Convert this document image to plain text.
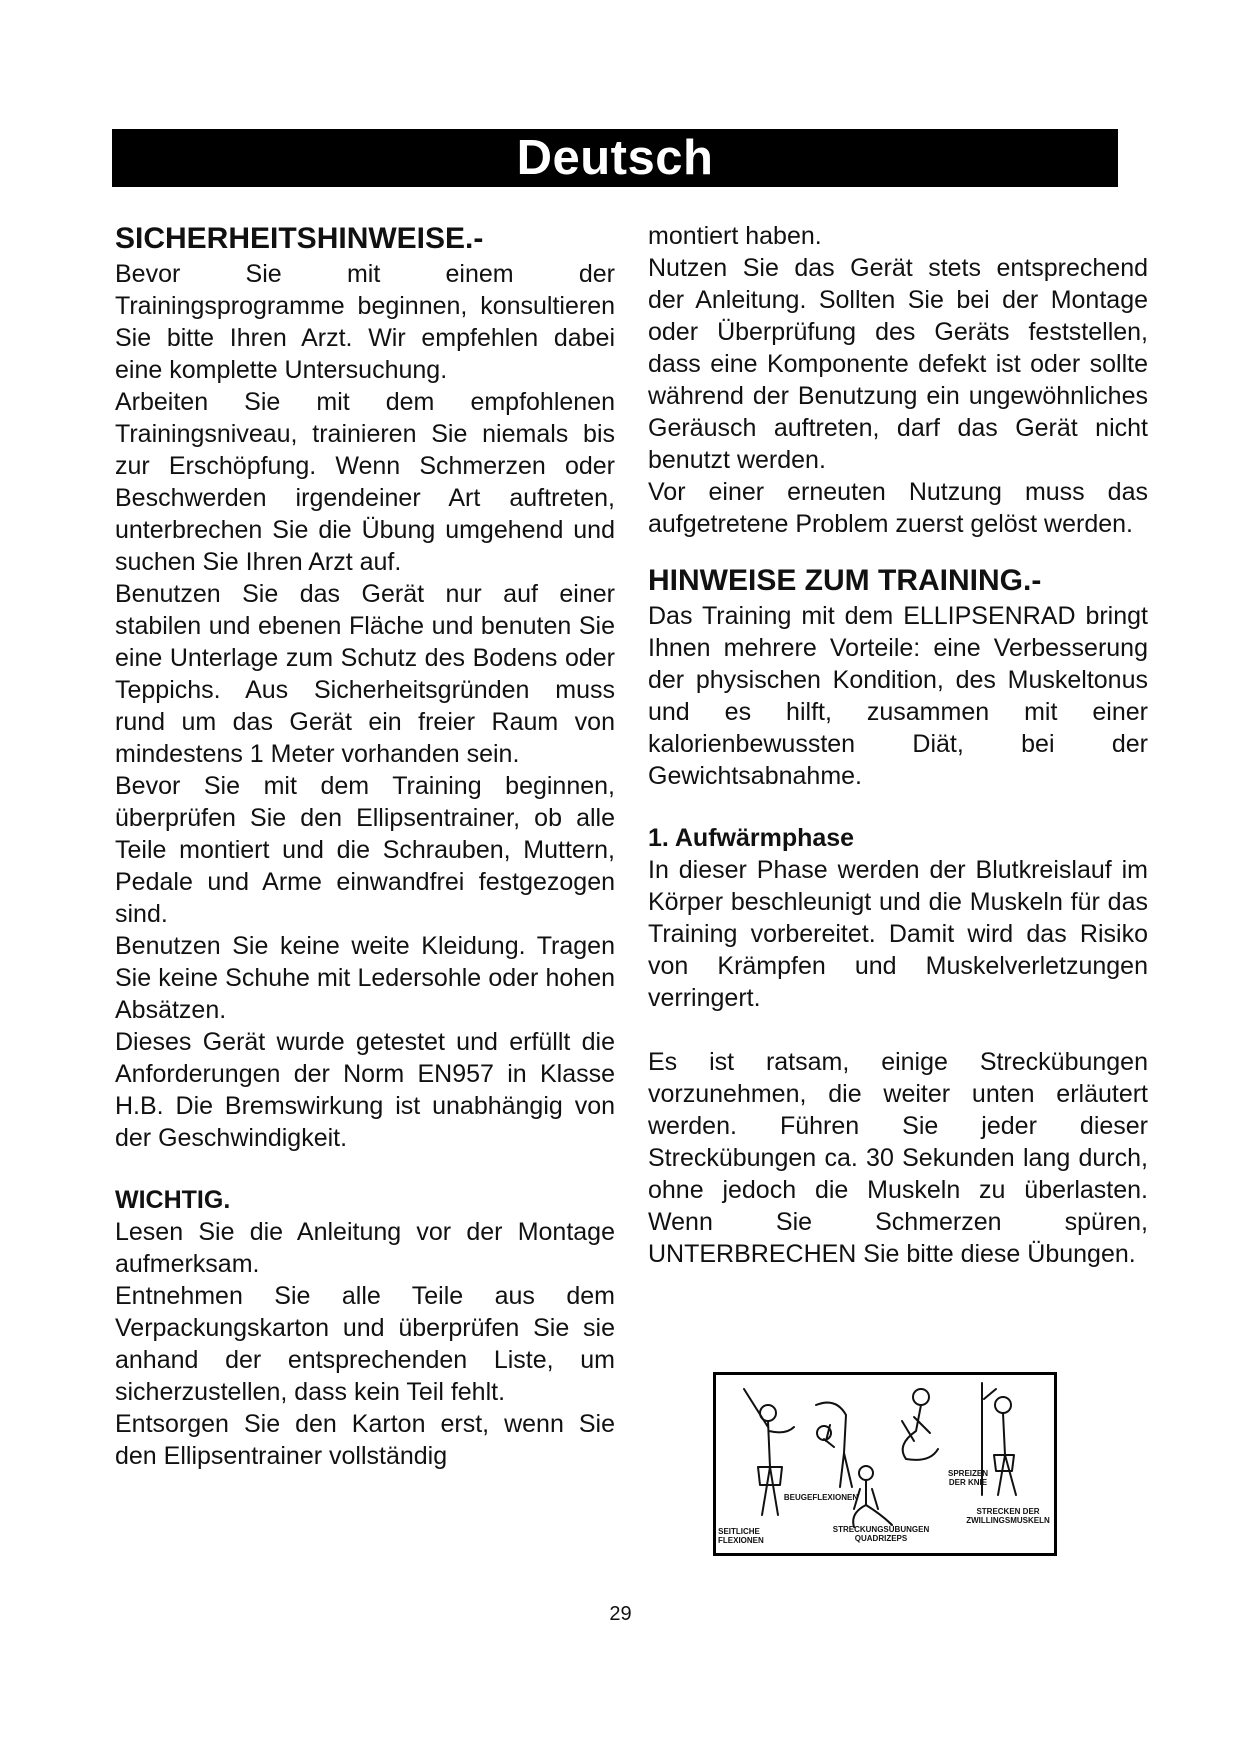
Deutsch

SICHERHEITSHINWEISE.-

Bevor Sie mit einem der Trainingsprogramme beginnen, konsultieren Sie bitte Ihren Arzt. Wir empfehlen dabei eine komplette Untersuchung.

Arbeiten Sie mit dem empfohlenen Trainingsniveau, trainieren Sie niemals bis zur Erschöpfung. Wenn Schmerzen oder Beschwerden irgendeiner Art auftreten, unterbrechen Sie die Übung umgehend und suchen Sie Ihren Arzt auf.

Benutzen Sie das Gerät nur auf einer stabilen und ebenen Fläche und benuten Sie eine Unterlage zum Schutz des Bodens oder Teppichs. Aus Sicherheitsgründen muss rund um das Gerät ein freier Raum von mindestens 1 Meter vorhanden sein.

Bevor Sie mit dem Training beginnen, überprüfen Sie den Ellipsentrainer, ob alle Teile montiert und die Schrauben, Muttern, Pedale und Arme einwandfrei festgezogen sind.

Benutzen Sie keine weite Kleidung. Tragen Sie keine Schuhe mit Ledersohle oder hohen Absätzen.

Dieses Gerät wurde getestet und erfüllt die Anforderungen der Norm EN957 in Klasse H.B. Die Bremswirkung ist unabhängig von der Geschwindigkeit.

WICHTIG.

Lesen Sie die Anleitung vor der Montage aufmerksam.

Entnehmen Sie alle Teile aus dem Verpackungskarton und überprüfen Sie sie anhand der entsprechenden Liste, um sicherzustellen, dass kein Teil fehlt.

Entsorgen Sie den Karton erst, wenn Sie den Ellipsentrainer vollständig

montiert haben.

Nutzen Sie das Gerät stets entsprechend der Anleitung. Sollten Sie bei der Montage oder Überprüfung des Geräts feststellen, dass eine Komponente defekt ist oder sollte während der Benutzung ein ungewöhnliches Geräusch auftreten, darf das Gerät nicht benutzt werden.

Vor einer erneuten Nutzung muss das aufgetretene Problem zuerst gelöst werden.

HINWEISE ZUM TRAINING.-

Das Training mit dem ELLIPSENRAD bringt Ihnen mehrere Vorteile: eine Verbesserung der physischen Kondition, des Muskeltonus und es hilft, zusammen mit einer kalorienbewussten Diät, bei der Gewichtsabnahme.

1. Aufwärmphase

In dieser Phase werden der Blutkreislauf im Körper beschleunigt und die Muskeln für das Training vorbereitet. Damit wird das Risiko von Krämpfen und Muskelverletzungen verringert.

Es ist ratsam, einige Streckübungen vorzunehmen, die weiter unten erläutert werden. Führen Sie jeder dieser Streckübungen ca. 30 Sekunden lang durch, ohne jedoch die Muskeln zu überlasten. Wenn Sie Schmerzen spüren, UNTERBRECHEN Sie bitte diese Übungen.

BEUGEFLEXIONEN
SPREIZEN DER KNIE
STRECKEN DER ZWILLINGSMUSKELN
SEITLICHE FLEXIONEN
STRECKUNGSÜBUNGEN QUADRIZEPS
29
